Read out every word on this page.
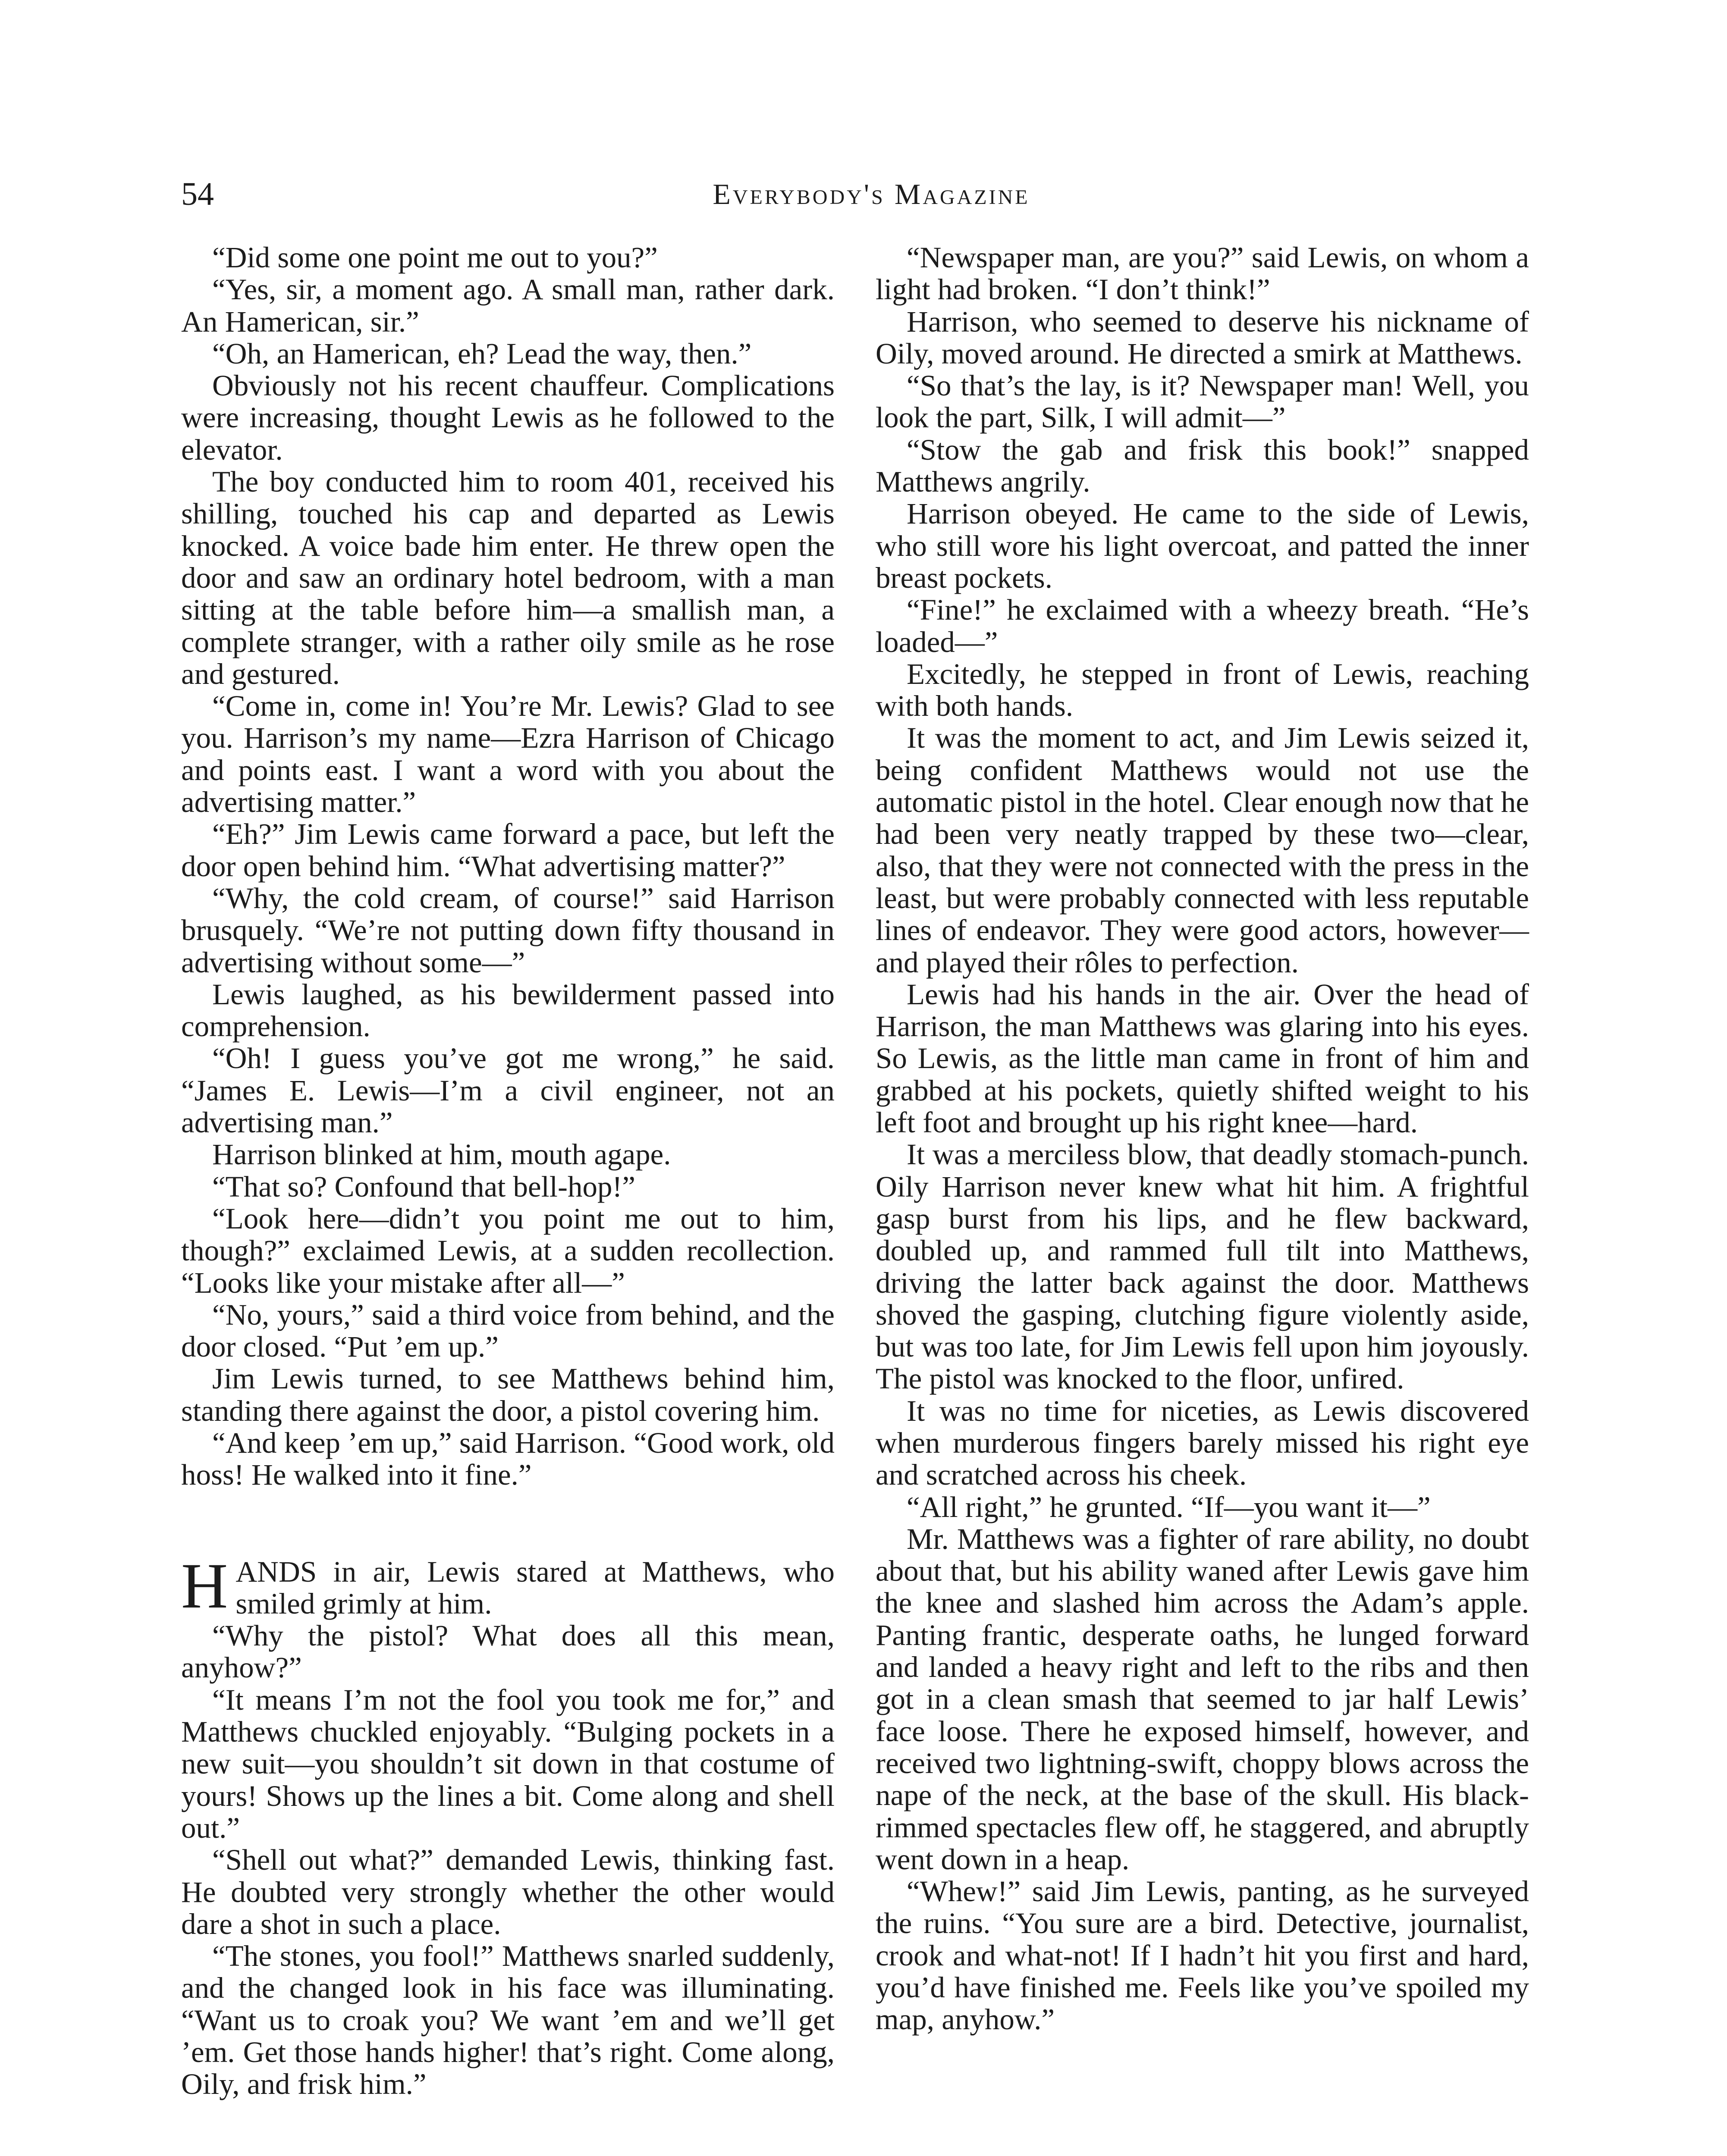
54	Everybody's Magazine

“Did some one point me out to you?”

“Yes, sir, a moment ago. A small man, rather dark. An Hamerican, sir.”

“Oh, an Hamerican, eh? Lead the way, then.”

Obviously not his recent chauffeur. Complications were increasing, thought Lewis as he followed to the elevator.

The boy conducted him to room 401, received his shilling, touched his cap and departed as Lewis knocked. A voice bade him enter. He threw open the door and saw an ordinary hotel bedroom, with a man sitting at the table before him—a smallish man, a complete stranger, with a rather oily smile as he rose and gestured.

“Come in, come in! You’re Mr. Lewis? Glad to see you. Harrison’s my name—Ezra Harrison of Chicago and points east. I want a word with you about the advertising matter.”

“Eh?” Jim Lewis came forward a pace, but left the door open behind him. “What advertising matter?”

“Why, the cold cream, of course!” said Harrison brusquely. “We’re not putting down fifty thousand in advertising without some—”

Lewis laughed, as his bewilderment passed into comprehension.

“Oh! I guess you’ve got me wrong,” he said. “James E. Lewis—I’m a civil engineer, not an advertising man.”

Harrison blinked at him, mouth agape.

“That so? Confound that bell-hop!”

“Look here—didn’t you point me out to him, though?” exclaimed Lewis, at a sudden recollection. “Looks like your mistake after all—”

“No, yours,” said a third voice from behind, and the door closed. “Put ’em up.”

Jim Lewis turned, to see Matthews behind him, standing there against the door, a pistol covering him.

“And keep ’em up,” said Harrison. “Good work, old hoss! He walked into it fine.”

HANDS in air, Lewis stared at Matthews, who smiled grimly at him.

“Why the pistol? What does all this mean, anyhow?”

“It means I’m not the fool you took me for,” and Matthews chuckled enjoyably. “Bulging pockets in a new suit—you shouldn’t sit down in that costume of yours! Shows up the lines a bit. Come along and shell out.”

“Shell out what?” demanded Lewis, thinking fast. He doubted very strongly whether the other would dare a shot in such a place.

“The stones, you fool!” Matthews snarled suddenly, and the changed look in his face was illuminating. “Want us to croak you? We want ’em and we’ll get ’em. Get those hands higher! that’s right. Come along, Oily, and frisk him.”

“Newspaper man, are you?” said Lewis, on whom a light had broken. “I don’t think!”

Harrison, who seemed to deserve his nickname of Oily, moved around. He directed a smirk at Matthews.

“So that’s the lay, is it? Newspaper man! Well, you look the part, Silk, I will admit—”

“Stow the gab and frisk this book!” snapped Matthews angrily.

Harrison obeyed. He came to the side of Lewis, who still wore his light overcoat, and patted the inner breast pockets.

“Fine!” he exclaimed with a wheezy breath. “He’s loaded—”

Excitedly, he stepped in front of Lewis, reaching with both hands.

It was the moment to act, and Jim Lewis seized it, being confident Matthews would not use the automatic pistol in the hotel. Clear enough now that he had been very neatly trapped by these two—clear, also, that they were not connected with the press in the least, but were probably connected with less reputable lines of endeavor. They were good actors, however—and played their rôles to perfection.

Lewis had his hands in the air. Over the head of Harrison, the man Matthews was glaring into his eyes. So Lewis, as the little man came in front of him and grabbed at his pockets, quietly shifted weight to his left foot and brought up his right knee—hard.

It was a merciless blow, that deadly stomach-punch. Oily Harrison never knew what hit him. A frightful gasp burst from his lips, and he flew backward, doubled up, and rammed full tilt into Matthews, driving the latter back against the door. Matthews shoved the gasping, clutching figure violently aside, but was too late, for Jim Lewis fell upon him joyously. The pistol was knocked to the floor, unfired.

It was no time for niceties, as Lewis discovered when murderous fingers barely missed his right eye and scratched across his cheek.

“All right,” he grunted. “If—you want it—”

Mr. Matthews was a fighter of rare ability, no doubt about that, but his ability waned after Lewis gave him the knee and slashed him across the Adam’s apple. Panting frantic, desperate oaths, he lunged forward and landed a heavy right and left to the ribs and then got in a clean smash that seemed to jar half Lewis’ face loose. There he exposed himself, however, and received two lightning-swift, choppy blows across the nape of the neck, at the base of the skull. His black-rimmed spectacles flew off, he staggered, and abruptly went down in a heap.

“Whew!” said Jim Lewis, panting, as he surveyed the ruins. “You sure are a bird. Detective, journalist, crook and what-not! If I hadn’t hit you first and hard, you’d have finished me. Feels like you’ve spoiled my map, anyhow.”
